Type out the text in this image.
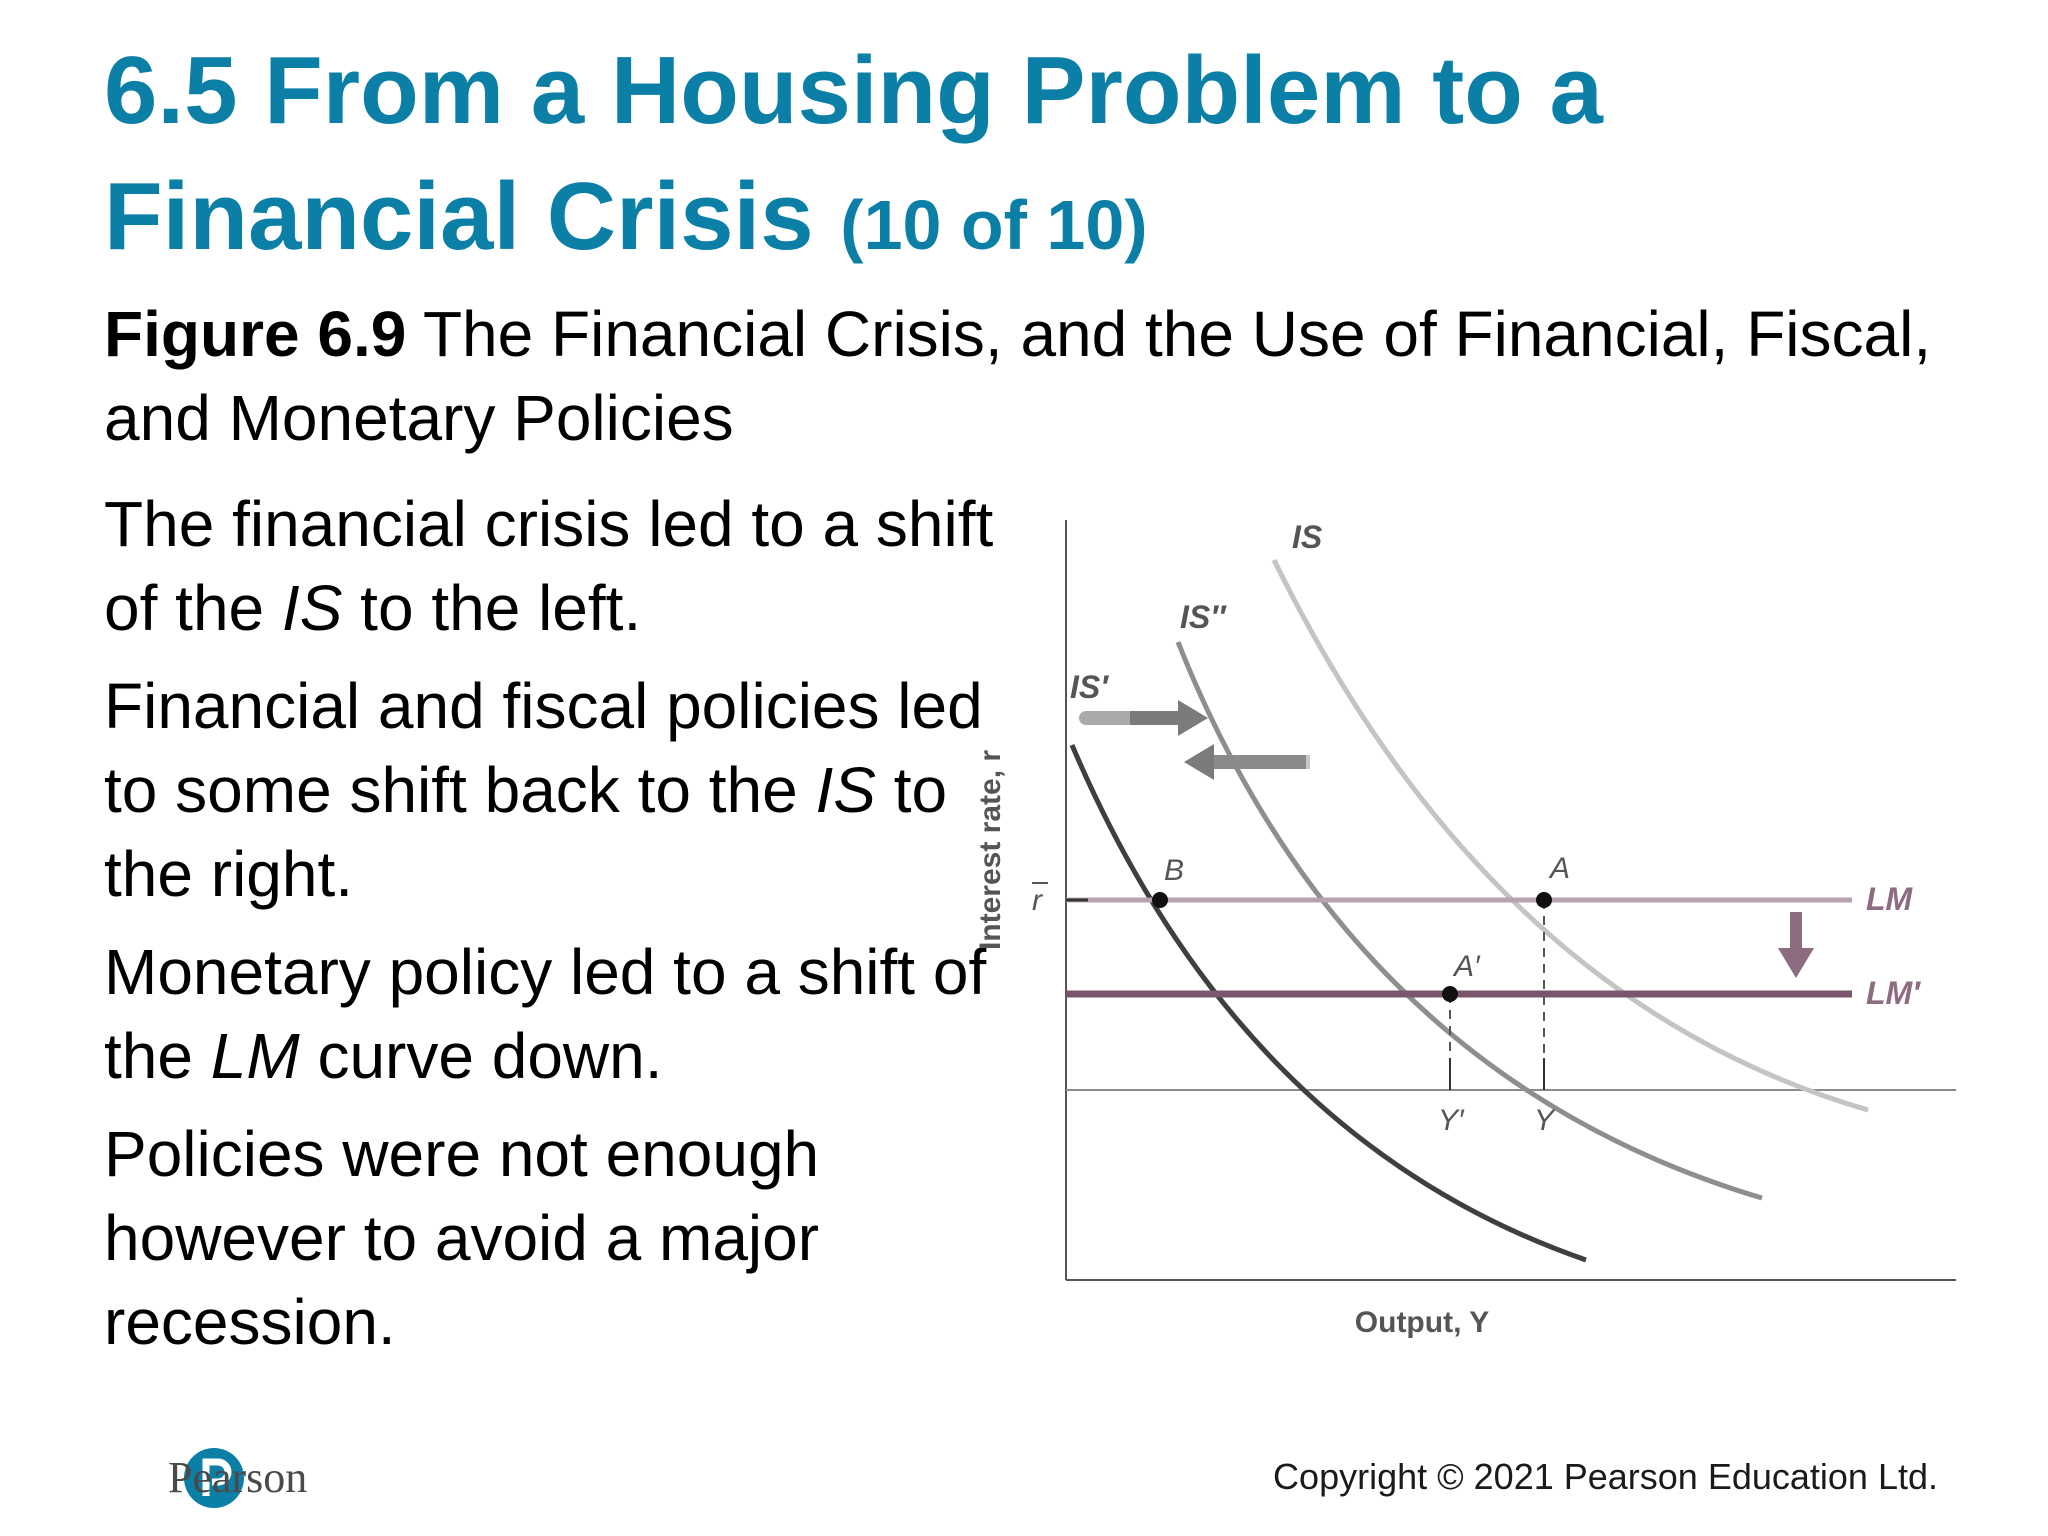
6.5 From a Housing Problem to a Financial Crisis (10 of 10)

Figure 6.9 The Financial Crisis, and the Use of Financial, Fiscal, and Monetary Policies

The financial crisis led to a shift of the IS to the left.

Financial and fiscal policies led to some shift back to the IS to the right.

Monetary policy led to a shift of the LM curve down.

Policies were not enough however to avoid a major recession.

IS
IS″
IS′
LM
LM′
B	A
A′
Y′ Y
r
Output, Y
Interest rate, r
Pearson	Copyright © 2021 Pearson Education Ltd.
